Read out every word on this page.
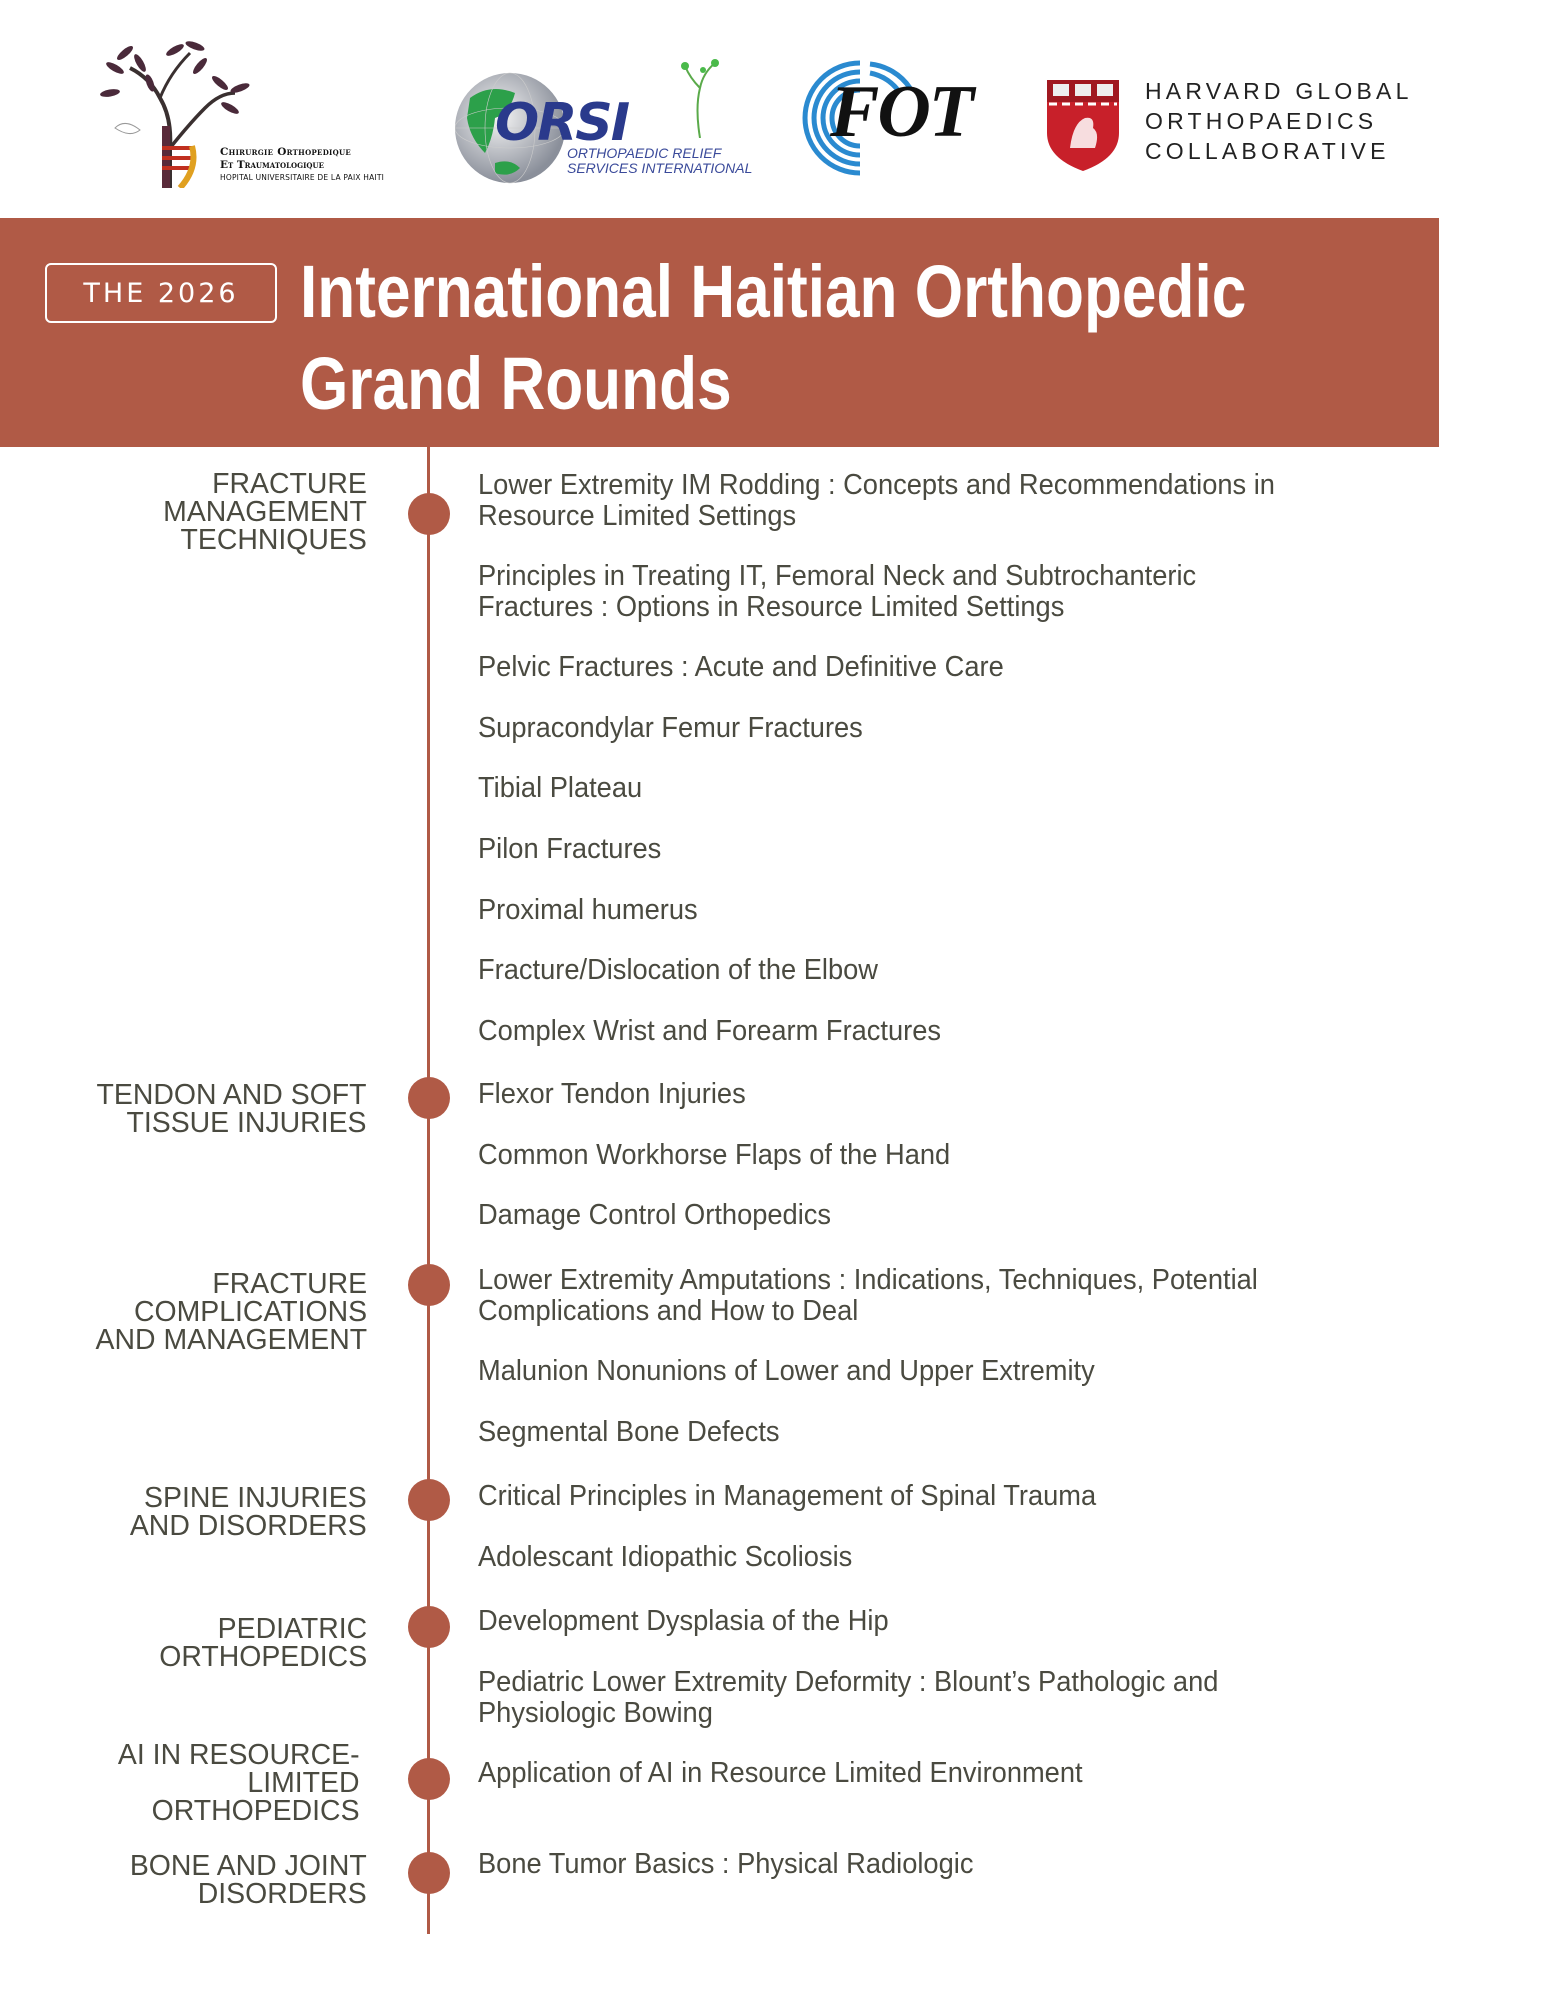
Chirurgie Orthopedique
Et Traumatologique
HOPITAL UNIVERSITAIRE DE LA PAIX HAITI
ORSI
ORTHOPAEDIC RELIEF
SERVICES INTERNATIONAL
FOT	HARVARD GLOBAL
ORTHOPAEDICS
COLLABORATIVE
THE 2026 International Haitian Orthopedic
Grand Rounds
FRACTURE
MANAGEMENT
TECHNIQUES
TENDON AND SOFT
TISSUE INJURIES
FRACTURE
COMPLICATIONS
AND MANAGEMENT
SPINE INJURIES
AND DISORDERS
PEDIATRIC
ORTHOPEDICS
AI IN RESOURCE-
LIMITED
ORTHOPEDICS
BONE AND JOINT
DISORDERS
Lower Extremity IM Rodding : Concepts and Recommendations in
Resource Limited Settings
Principles in Treating IT, Femoral Neck and Subtrochanteric
Fractures : Options in Resource Limited Settings
Pelvic Fractures : Acute and Definitive Care
Supracondylar Femur Fractures
Tibial Plateau
Pilon Fractures
Proximal humerus
Fracture/Dislocation of the Elbow
Complex Wrist and Forearm Fractures
Flexor Tendon Injuries
Common Workhorse Flaps of the Hand
Damage Control Orthopedics
Lower Extremity Amputations : Indications, Techniques, Potential
Complications and How to Deal
Malunion Nonunions of Lower and Upper Extremity
Segmental Bone Defects
Critical Principles in Management of Spinal Trauma
Adolescant Idiopathic Scoliosis
Development Dysplasia of the Hip
Pediatric Lower Extremity Deformity : Blount’s Pathologic and
Physiologic Bowing
Application of AI in Resource Limited Environment
Bone Tumor Basics : Physical Radiologic
